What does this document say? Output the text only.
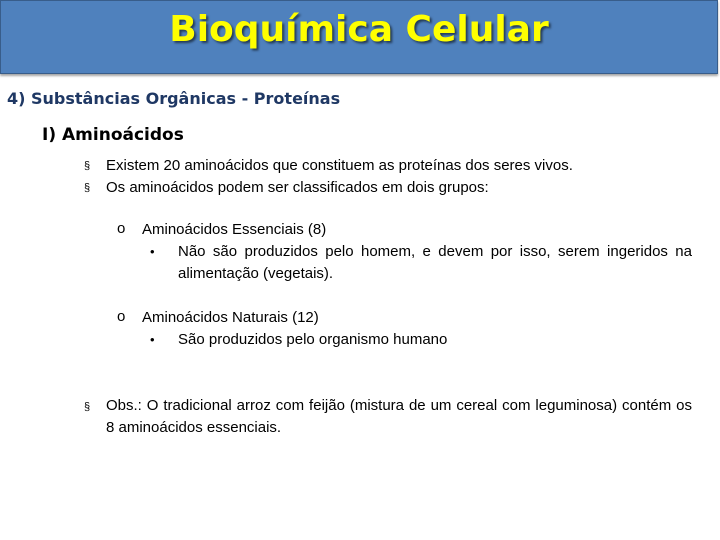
Bioquímica Celular
4) Substâncias Orgânicas - Proteínas
I) Aminoácidos
§ Existem 20 aminoácidos que constituem as proteínas dos seres vivos.
§ Os aminoácidos podem ser classificados em dois grupos:
o Aminoácidos Essenciais (8)
• Não são produzidos pelo homem, e devem por isso, serem ingeridos na alimentação (vegetais).
o Aminoácidos Naturais (12)
• São produzidos pelo organismo humano
§ Obs.: O tradicional arroz com feijão (mistura de um cereal com leguminosa) contém os 8 aminoácidos essenciais.
